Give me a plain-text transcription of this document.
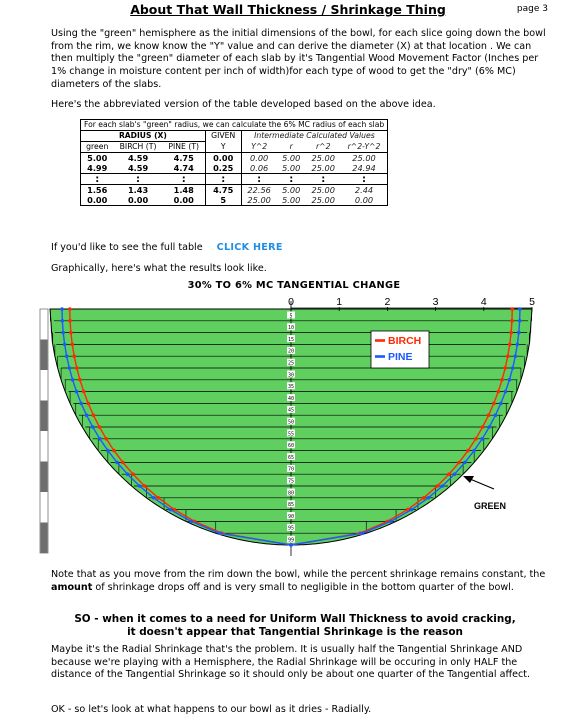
About That Wall Thickness / Shrinkage Thing	page 3
Using the "green" hemisphere as the initial dimensions of the bowl, for each slice going down the bowl from the rim, we know know the "Y" value and can derive the diameter (X) at that location . We can then multiply the "green" diameter of each slab by it's Tangential Wood Movement Factor (Inches per 1% change in moisture content per inch of width)for each type of wood to get the "dry" (6% MC) diameters of the slabs.
Here's the abbreviated version of the table developed based on the above idea.
For each slab's "green" radius, we can calculate the 6% MC radius of each slab							
RADIUS (X)			GIVEN	Intermediate Calculated Values			
green	BIRCH (T)	PINE (T)	Y	Y^2	r	r^2	r^2-Y^2
5.00	4.59	4.75	0.00	0.00	5.00	25.00	25.00
4.99	4.59	4.74	0.25	0.06	5.00	25.00	24.94
:	:	:	:	:	:	:	:
1.56	1.43	1.48	4.75	22.56	5.00	25.00	2.44
0.00	0.00	0.00	5	25.00	5.00	25.00	0.00
If you'd like to see the full table CLICK HERE
Graphically, here's what the results look like.
30% TO 6% MC TANGENTIAL CHANGE
0	1	2	3	4	5
5
10
15
20
25
30
35
40
45
50
55
60
65
70
75
80
85
90
95
99
BIRCH
PINE
GREEN
Note that as you move from the rim down the bowl, while the percent shrinkage remains constant, the amount of shrinkage drops off and is very small to negligible in the bottom quarter of the bowl.
SO - when it comes to a need for Uniform Wall Thickness to avoid cracking,
it doesn't appear that Tangential Shrinkage is the reason
Maybe it's the Radial Shrinkage that's the problem. It is usually half the Tangential Shrinkage AND because we're playing with a Hemisphere, the Radial Shrinkage will be occuring in only HALF the distance of the Tangential Shrinkage so it should only be about one quarter of the Tangential affect.
OK - so let's look at what happens to our bowl as it dries - Radially.
